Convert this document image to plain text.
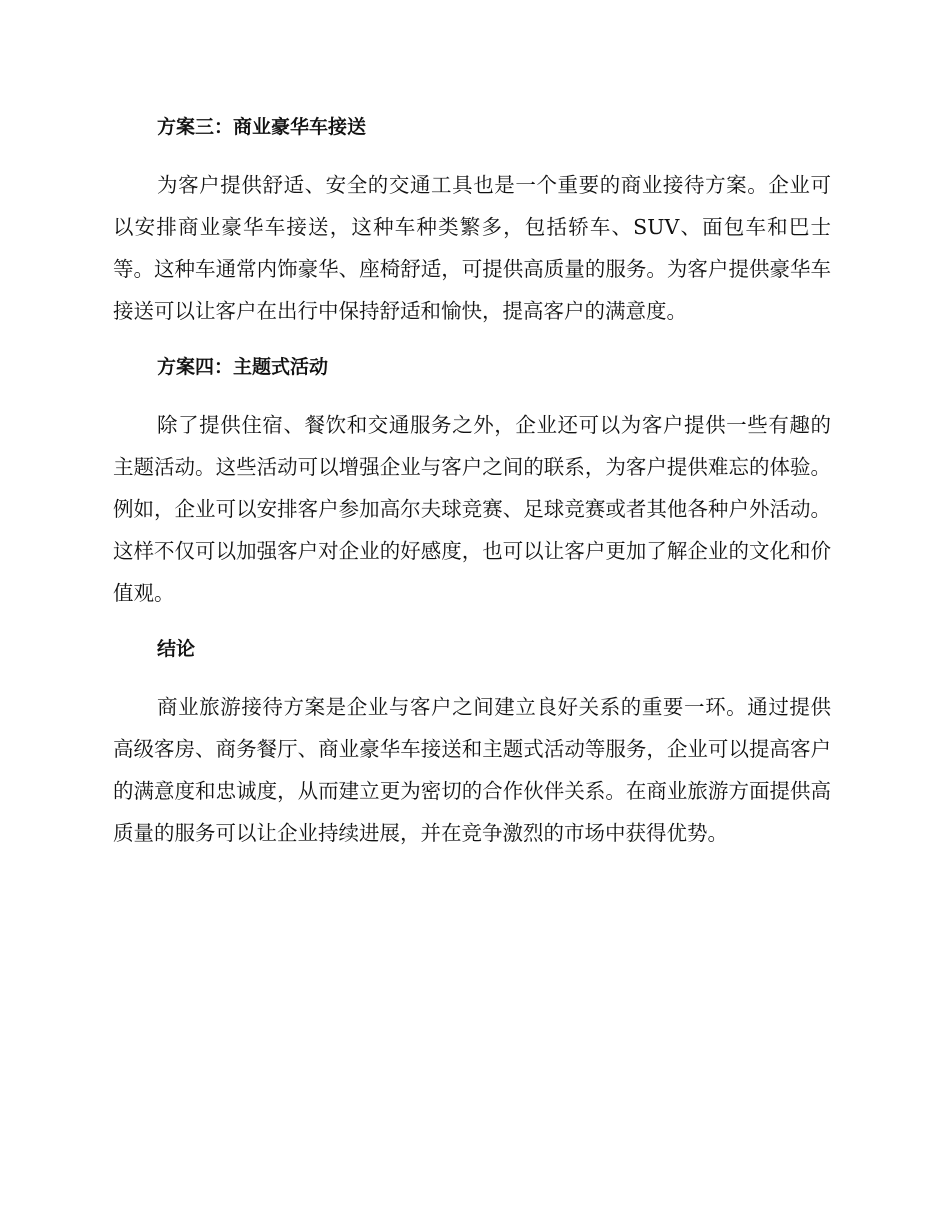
方案三：商业豪华车接送

为客户提供舒适、安全的交通工具也是一个重要的商业接待方案。企业可以安排商业豪华车接送，这种车种类繁多，包括轿车、SUV、面包车和巴士等。这种车通常内饰豪华、座椅舒适，可提供高质量的服务。为客户提供豪华车接送可以让客户在出行中保持舒适和愉快，提高客户的满意度。

方案四：主题式活动

除了提供住宿、餐饮和交通服务之外，企业还可以为客户提供一些有趣的主题活动。这些活动可以增强企业与客户之间的联系，为客户提供难忘的体验。例如，企业可以安排客户参加高尔夫球竞赛、足球竞赛或者其他各种户外活动。这样不仅可以加强客户对企业的好感度，也可以让客户更加了解企业的文化和价值观。

结论

商业旅游接待方案是企业与客户之间建立良好关系的重要一环。通过提供高级客房、商务餐厅、商业豪华车接送和主题式活动等服务，企业可以提高客户的满意度和忠诚度，从而建立更为密切的合作伙伴关系。在商业旅游方面提供高质量的服务可以让企业持续进展，并在竞争激烈的市场中获得优势。
